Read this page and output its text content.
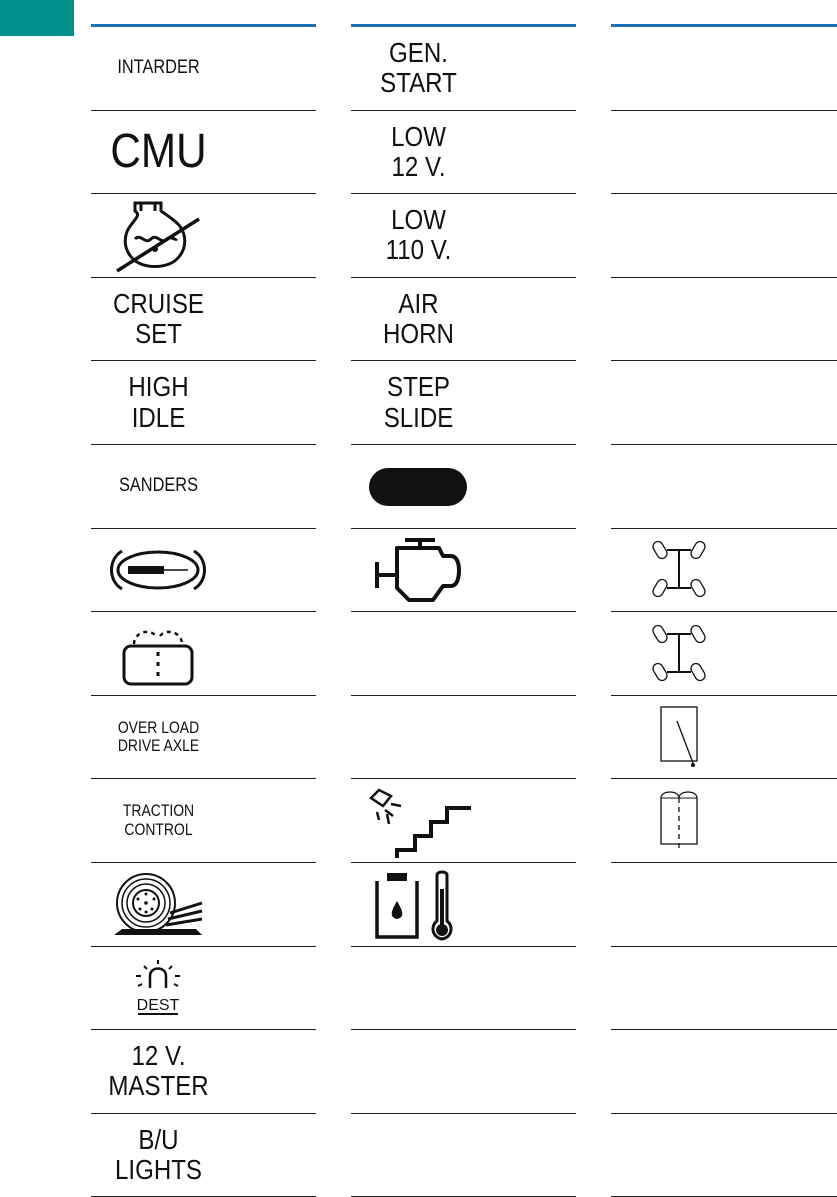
INTARDER
CMU
CRUISE
SET
HIGH
IDLE
SANDERS
OVER LOAD
DRIVE AXLE
TRACTION
CONTROL
DEST
12 V.
MASTER
B/U
LIGHTS
GEN.
START
LOW
12 V.
LOW
110 V.
AIR
HORN
STEP
SLIDE
